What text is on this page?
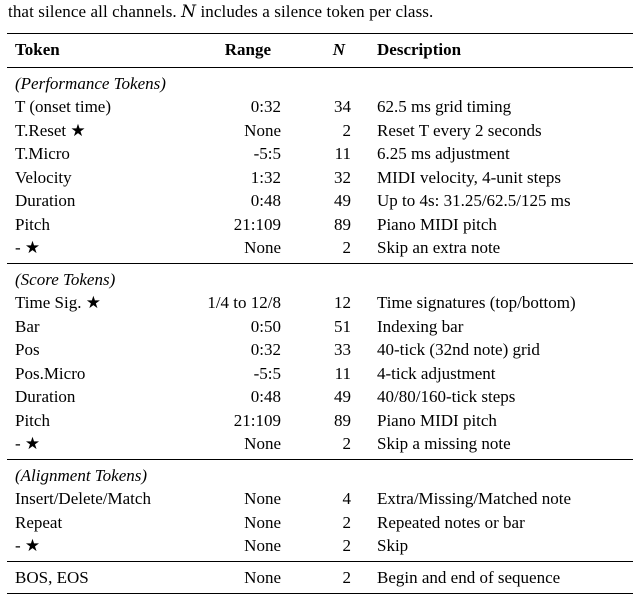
that silence all channels. N includes a silence token per class.
Token	Range	N	Description
(Performance Tokens)
T (onset time)	0:32	34	62.5 ms grid timing
T.Reset ★	None	2	Reset T every 2 seconds
T.Micro	-5:5	11	6.25 ms adjustment
Velocity	1:32	32	MIDI velocity, 4-unit steps
Duration	0:48	49	Up to 4s: 31.25/62.5/125 ms
Pitch	21:109	89	Piano MIDI pitch
- ★	None	2	Skip an extra note
(Score Tokens)
Time Sig. ★	1/4 to 12/8	12	Time signatures (top/bottom)
Bar	0:50	51	Indexing bar
Pos	0:32	33	40-tick (32nd note) grid
Pos.Micro	-5:5	11	4-tick adjustment
Duration	0:48	49	40/80/160-tick steps
Pitch	21:109	89	Piano MIDI pitch
- ★	None	2	Skip a missing note
(Alignment Tokens)
Insert/Delete/Match	None	4	Extra/Missing/Matched note
Repeat	None	2	Repeated notes or bar
- ★	None	2	Skip
BOS, EOS	None	2	Begin and end of sequence
